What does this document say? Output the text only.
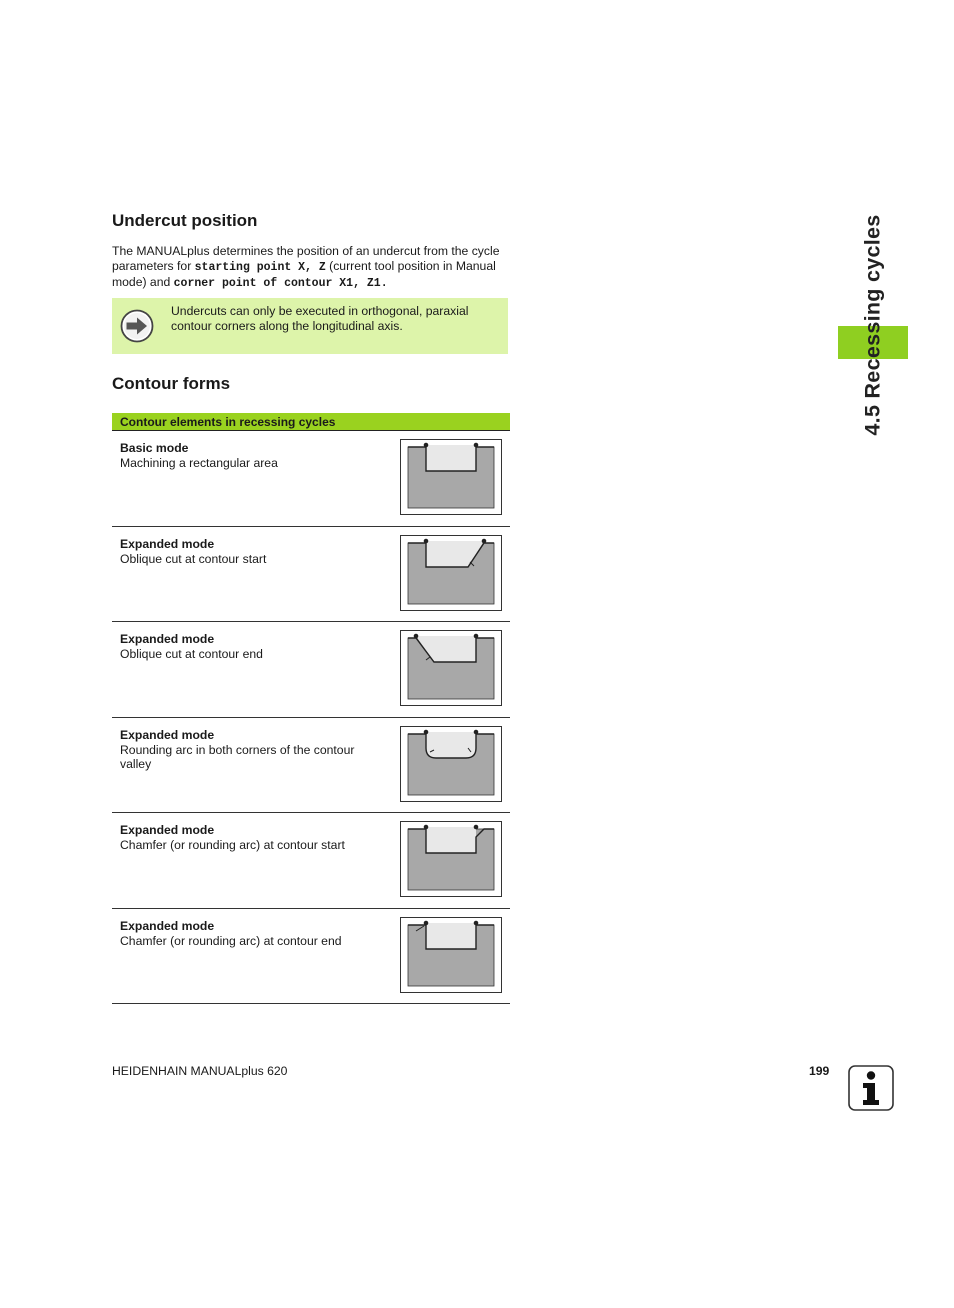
4.5 Recessing cycles
Undercut position
The MANUALplus determines the position of an undercut from the cycle parameters for starting point X, Z (current tool position in Manual mode) and corner point of contour X1, Z1.
Undercuts can only be executed in orthogonal, paraxial contour corners along the longitudinal axis.
Contour forms
Contour elements in recessing cycles
Basic mode
Machining a rectangular area
Expanded mode
Oblique cut at contour start
Expanded mode
Oblique cut at contour end
Expanded mode
Rounding arc in both corners of the contour valley
Expanded mode
Chamfer (or rounding arc) at contour start
Expanded mode
Chamfer (or rounding arc) at contour end
HEIDENHAIN MANUALplus 620	199
